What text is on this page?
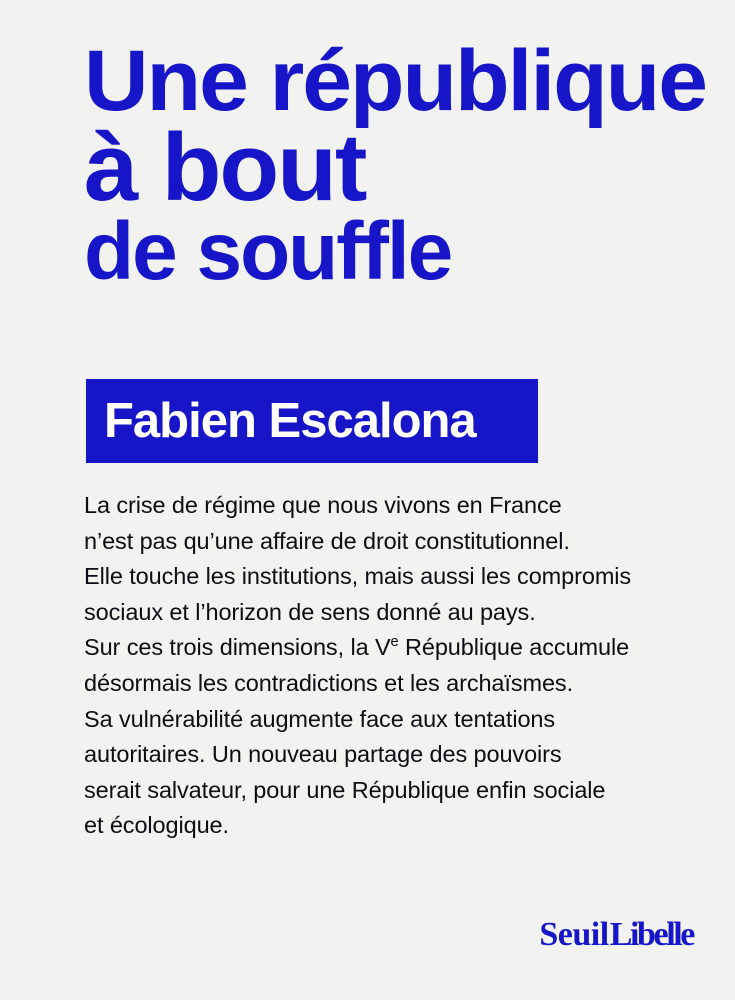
Une république
à bout
de souffle
Fabien Escalona

La crise de régime que nous vivons en France

n’est pas qu’une affaire de droit constitutionnel.

Elle touche les institutions, mais aussi les compromis

sociaux et l’horizon de sens donné au pays.

Sur ces trois dimensions, la Ve République accumule

désormais les contradictions et les archaïsmes.

Sa vulnérabilité augmente face aux tentations

autoritaires. Un nouveau partage des pouvoirs

serait salvateur, pour une République enfin sociale

et écologique.

Seuil Libelle
